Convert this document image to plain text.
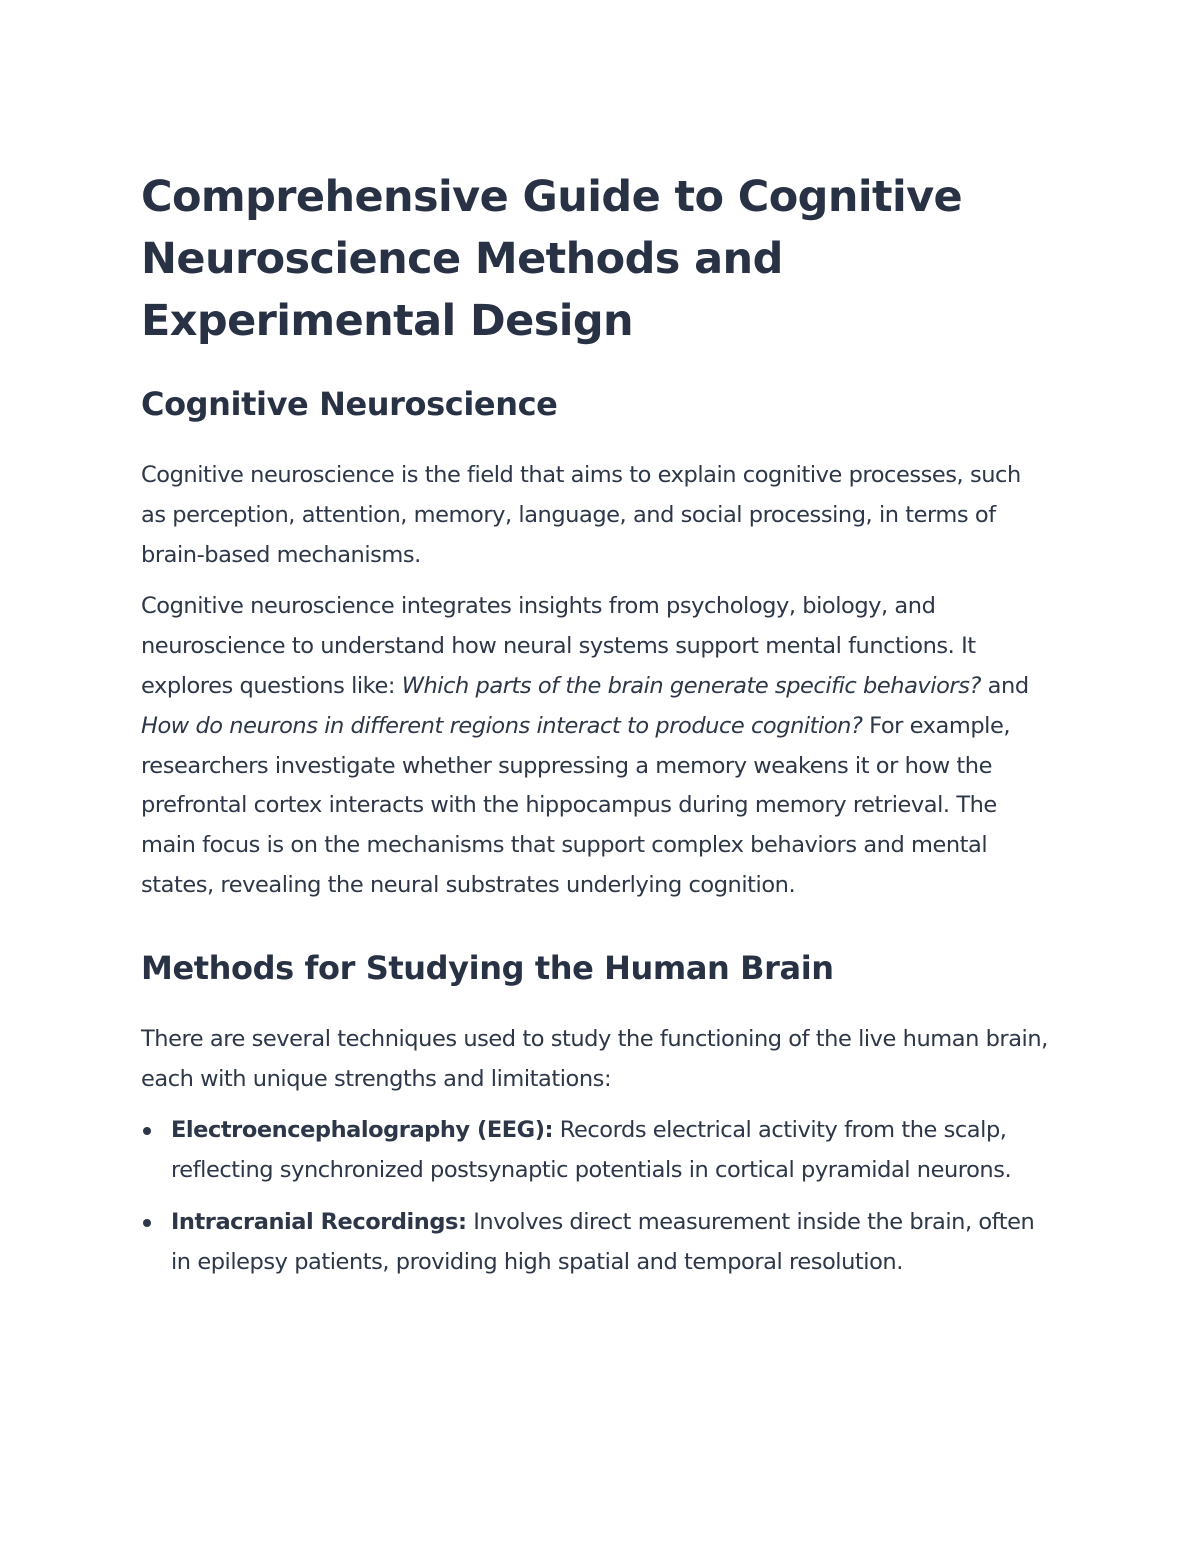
Comprehensive Guide to Cognitive Neuroscience Methods and Experimental Design
Cognitive Neuroscience

Cognitive neuroscience is the field that aims to explain cognitive processes, such as perception, attention, memory, language, and social processing, in terms of brain-based mechanisms.

Cognitive neuroscience integrates insights from psychology, biology, and neuroscience to understand how neural systems support mental functions. It explores questions like: Which parts of the brain generate specific behaviors? and How do neurons in different regions interact to produce cognition? For example, researchers investigate whether suppressing a memory weakens it or how the prefrontal cortex interacts with the hippocampus during memory retrieval. The main focus is on the mechanisms that support complex behaviors and mental states, revealing the neural substrates underlying cognition.

Methods for Studying the Human Brain

There are several techniques used to study the functioning of the live human brain, each with unique strengths and limitations:

Electroencephalography (EEG): Records electrical activity from the scalp, reflecting synchronized postsynaptic potentials in cortical pyramidal neurons.
Intracranial Recordings: Involves direct measurement inside the brain, often in epilepsy patients, providing high spatial and temporal resolution.
